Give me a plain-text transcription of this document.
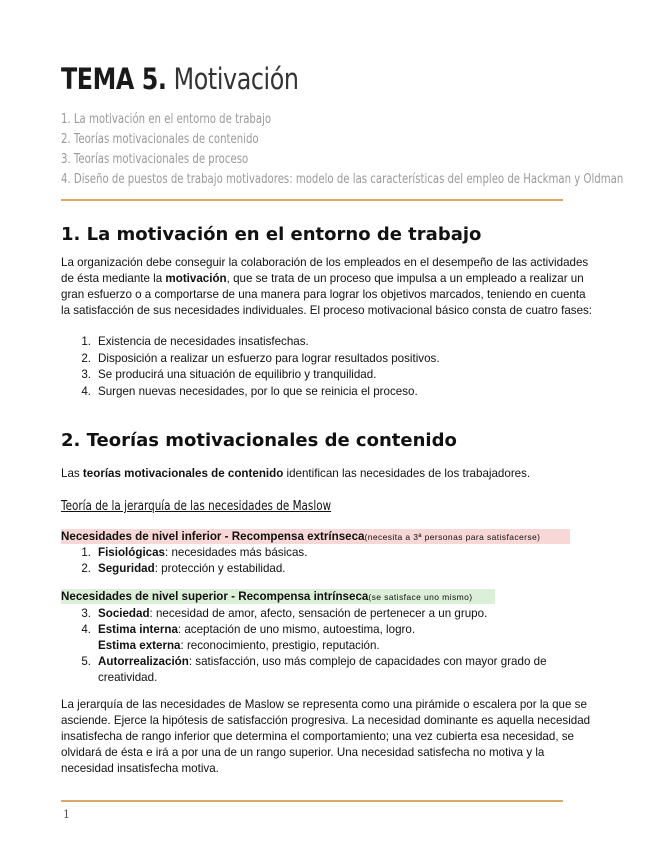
TEMA 5. Motivación
1. La motivación en el entorno de trabajo
2. Teorías motivacionales de contenido
3. Teorías motivacionales de proceso
4. Diseño de puestos de trabajo motivadores: modelo de las características del empleo de Hackman y Oldman
1. La motivación en el entorno de trabajo
La organización debe conseguir la colaboración de los empleados en el desempeño de las actividades de ésta mediante la motivación, que se trata de un proceso que impulsa a un empleado a realizar un gran esfuerzo o a comportarse de una manera para lograr los objetivos marcados, teniendo en cuenta la satisfacción de sus necesidades individuales. El proceso motivacional básico consta de cuatro fases:
1. Existencia de necesidades insatisfechas.
2. Disposición a realizar un esfuerzo para lograr resultados positivos.
3. Se producirá una situación de equilibrio y tranquilidad.
4. Surgen nuevas necesidades, por lo que se reinicia el proceso.
2. Teorías motivacionales de contenido
Las teorías motivacionales de contenido identifican las necesidades de los trabajadores.
Teoría de la jerarquía de las necesidades de Maslow
Necesidades de nivel inferior - Recompensa extrínseca(necesita a 3ª personas para satisfacerse)
1. Fisiológicas: necesidades más básicas.
2. Seguridad: protección y estabilidad.
Necesidades de nivel superior - Recompensa intrínseca(se satisface uno mismo)
3. Sociedad: necesidad de amor, afecto, sensación de pertenecer a un grupo.
4. Estima interna: aceptación de uno mismo, autoestima, logro.
Estima externa: reconocimiento, prestigio, reputación.
5. Autorrealización: satisfacción, uso más complejo de capacidades con mayor grado de creatividad.
La jerarquía de las necesidades de Maslow se representa como una pirámide o escalera por la que se asciende. Ejerce la hipótesis de satisfacción progresiva. La necesidad dominante es aquella necesidad insatisfecha de rango inferior que determina el comportamiento; una vez cubierta esa necesidad, se olvidará de ésta e irá a por una de un rango superior. Una necesidad satisfecha no motiva y la necesidad insatisfecha motiva.
1
